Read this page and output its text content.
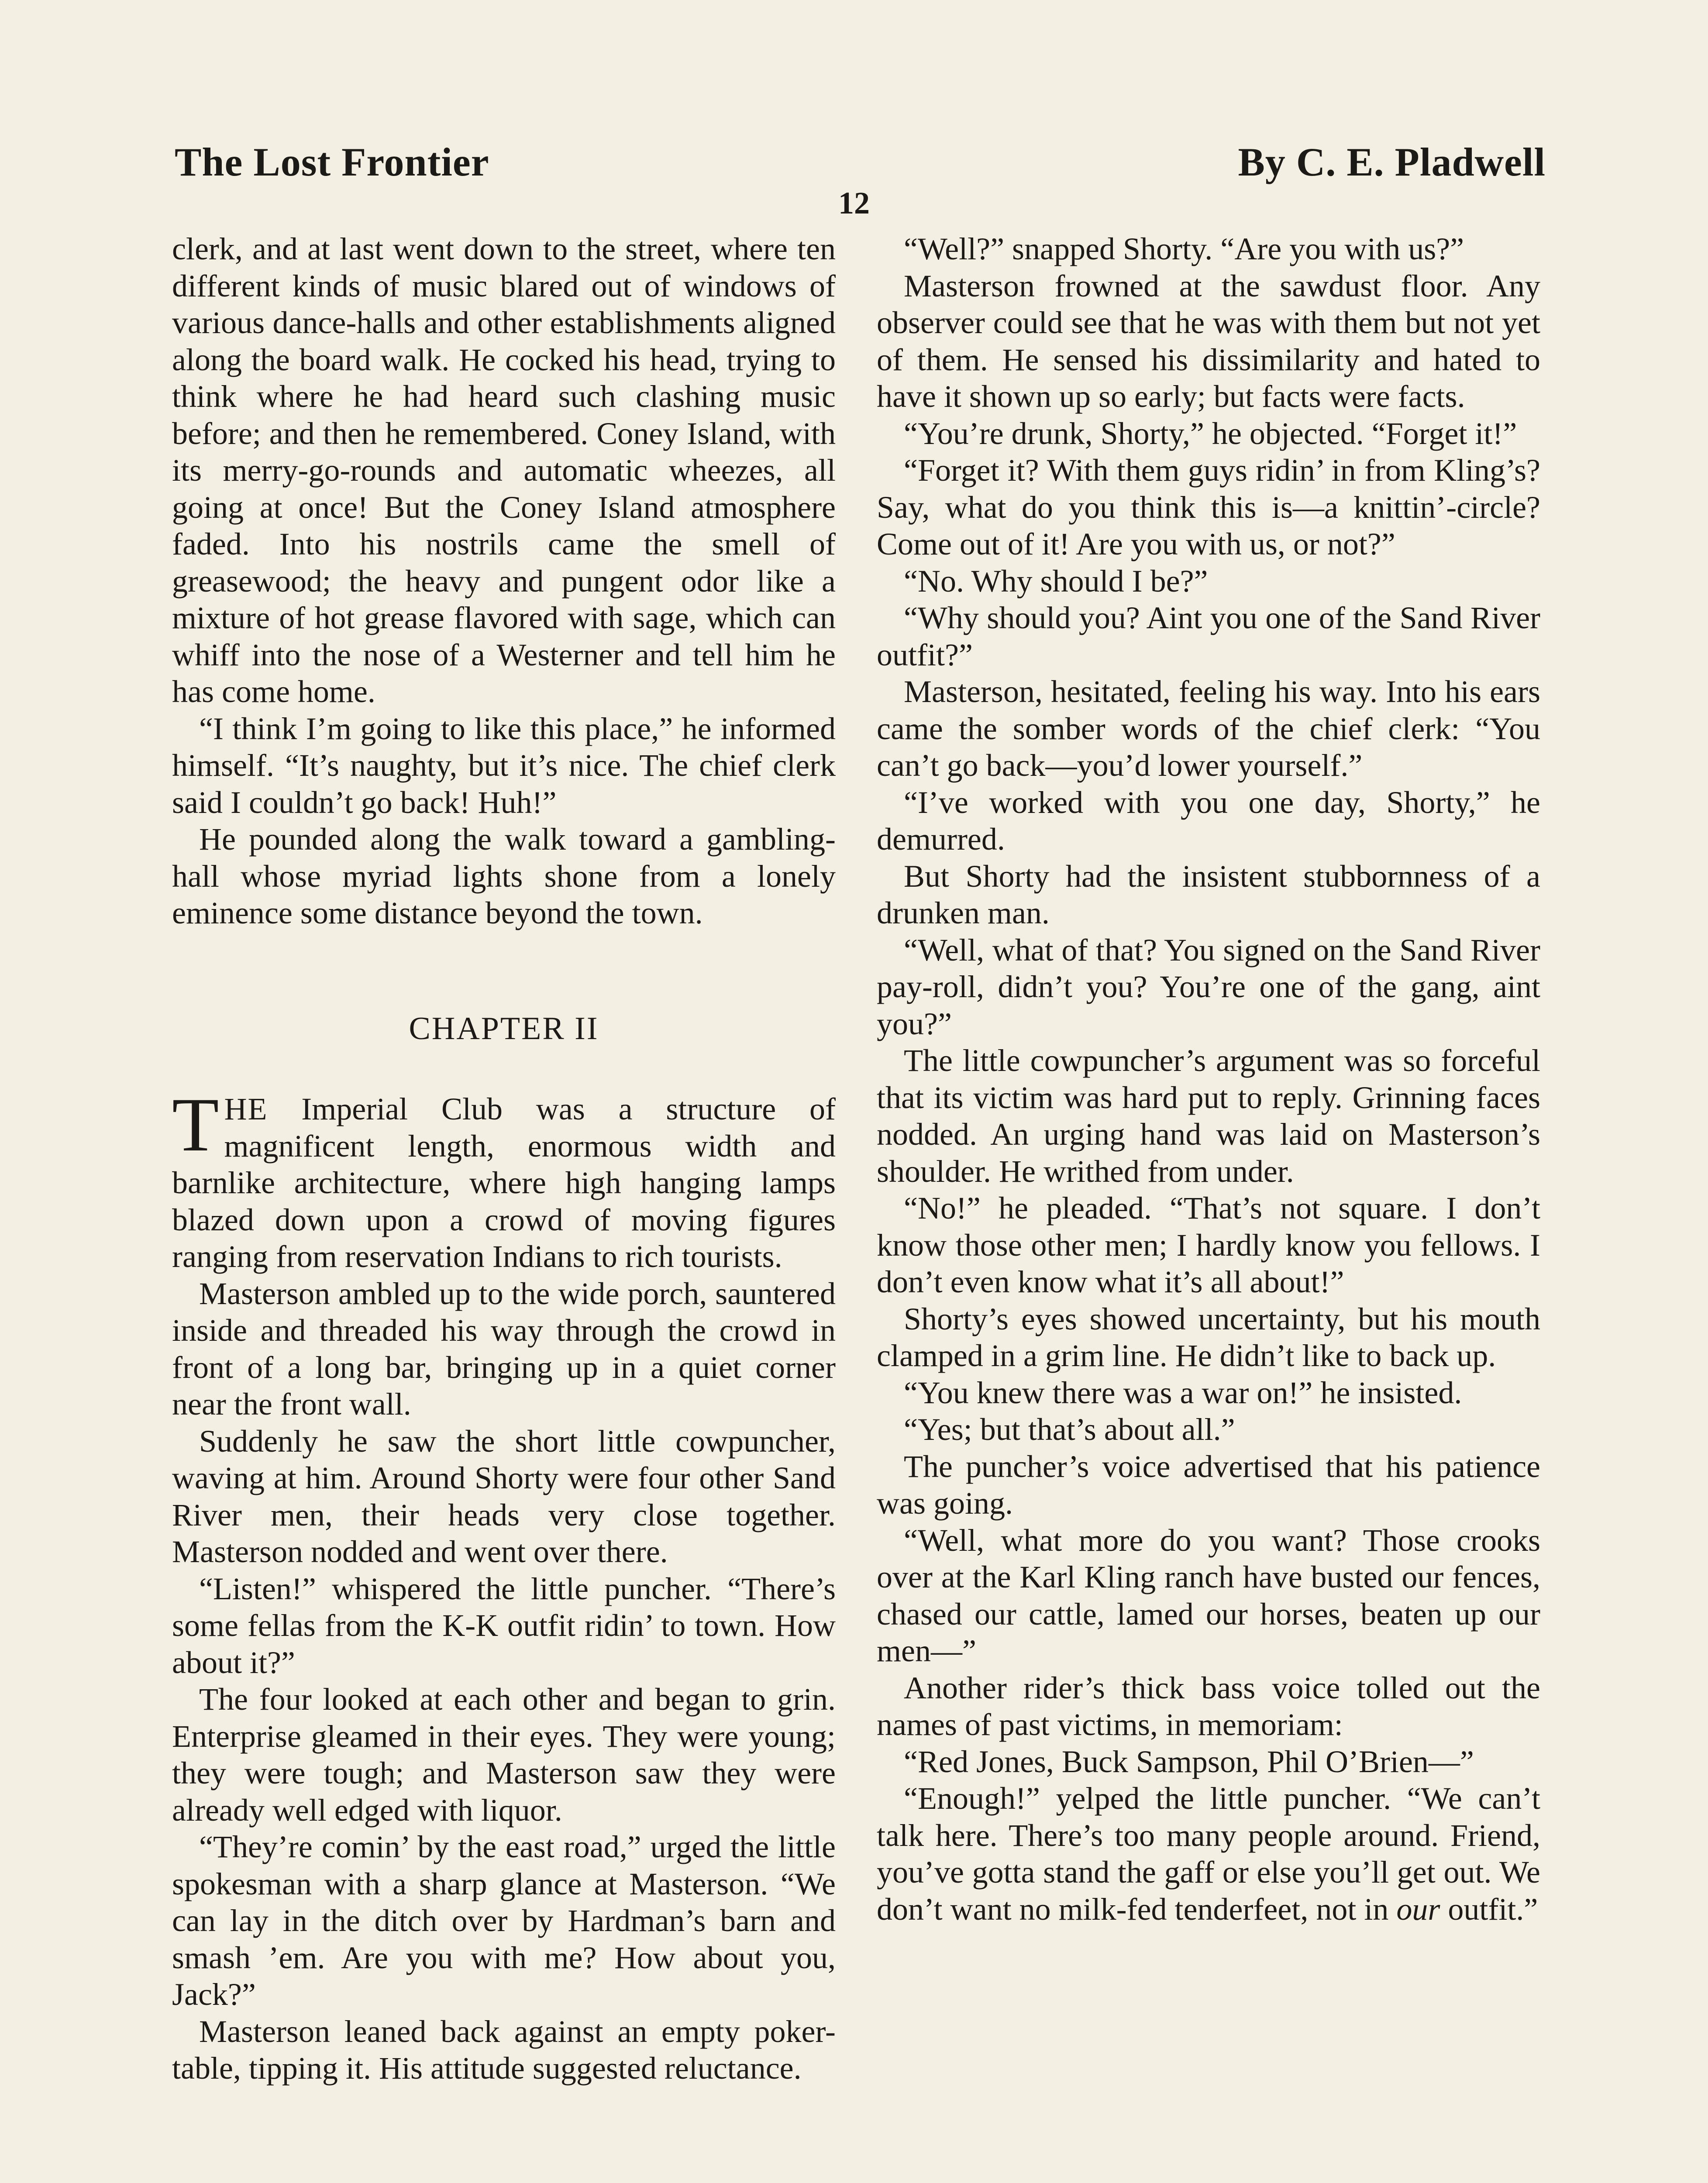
The Lost Frontier	By C. E. Pladwell
12

clerk, and at last went down to the street, where ten different kinds of music blared out of windows of various dance-halls and other establishments aligned along the board walk. He cocked his head, trying to think where he had heard such clashing music before; and then he remembered. Coney Island, with its merry-go-rounds and automatic wheezes, all going at once! But the Coney Island atmosphere faded. Into his nostrils came the smell of greasewood; the heavy and pungent odor like a mixture of hot grease flavored with sage, which can whiff into the nose of a Westerner and tell him he has come home.

“I think I’m going to like this place,” he informed himself. “It’s naughty, but it’s nice. The chief clerk said I couldn’t go back! Huh!”

He pounded along the walk toward a gambling-hall whose myriad lights shone from a lonely eminence some distance beyond the town.

CHAPTER II

THE Imperial Club was a structure of magnificent length, enormous width and barnlike architecture, where high hanging lamps blazed down upon a crowd of moving figures ranging from reservation Indians to rich tourists.

Masterson ambled up to the wide porch, sauntered inside and threaded his way through the crowd in front of a long bar, bringing up in a quiet corner near the front wall.

Suddenly he saw the short little cowpuncher, waving at him. Around Shorty were four other Sand River men, their heads very close together. Masterson nodded and went over there.

“Listen!” whispered the little puncher. “There’s some fellas from the K-K outfit ridin’ to town. How about it?”

The four looked at each other and began to grin. Enterprise gleamed in their eyes. They were young; they were tough; and Masterson saw they were already well edged with liquor.

“They’re comin’ by the east road,” urged the little spokesman with a sharp glance at Masterson. “We can lay in the ditch over by Hardman’s barn and smash ’em. Are you with me? How about you, Jack?”

Masterson leaned back against an empty poker-table, tipping it. His attitude suggested reluctance.

“Well?” snapped Shorty. “Are you with us?”

Masterson frowned at the sawdust floor. Any observer could see that he was with them but not yet of them. He sensed his dissimilarity and hated to have it shown up so early; but facts were facts.

“You’re drunk, Shorty,” he objected. “Forget it!”

“Forget it? With them guys ridin’ in from Kling’s? Say, what do you think this is—a knittin’-circle? Come out of it! Are you with us, or not?”

“No. Why should I be?”

“Why should you? Aint you one of the Sand River outfit?”

Masterson, hesitated, feeling his way. Into his ears came the somber words of the chief clerk: “You can’t go back—you’d lower yourself.”

“I’ve worked with you one day, Shorty,” he demurred.

But Shorty had the insistent stubbornness of a drunken man.

“Well, what of that? You signed on the Sand River pay-roll, didn’t you? You’re one of the gang, aint you?”

The little cowpuncher’s argument was so forceful that its victim was hard put to reply. Grinning faces nodded. An urging hand was laid on Masterson’s shoulder. He writhed from under.

“No!” he pleaded. “That’s not square. I don’t know those other men; I hardly know you fellows. I don’t even know what it’s all about!”

Shorty’s eyes showed uncertainty, but his mouth clamped in a grim line. He didn’t like to back up.

“You knew there was a war on!” he insisted.

“Yes; but that’s about all.”

The puncher’s voice advertised that his patience was going.

“Well, what more do you want? Those crooks over at the Karl Kling ranch have busted our fences, chased our cattle, lamed our horses, beaten up our men—”

Another rider’s thick bass voice tolled out the names of past victims, in memoriam:

“Red Jones, Buck Sampson, Phil O’Brien—”

“Enough!” yelped the little puncher. “We can’t talk here. There’s too many people around. Friend, you’ve gotta stand the gaff or else you’ll get out. We don’t want no milk-fed tenderfeet, not in our outfit.”
